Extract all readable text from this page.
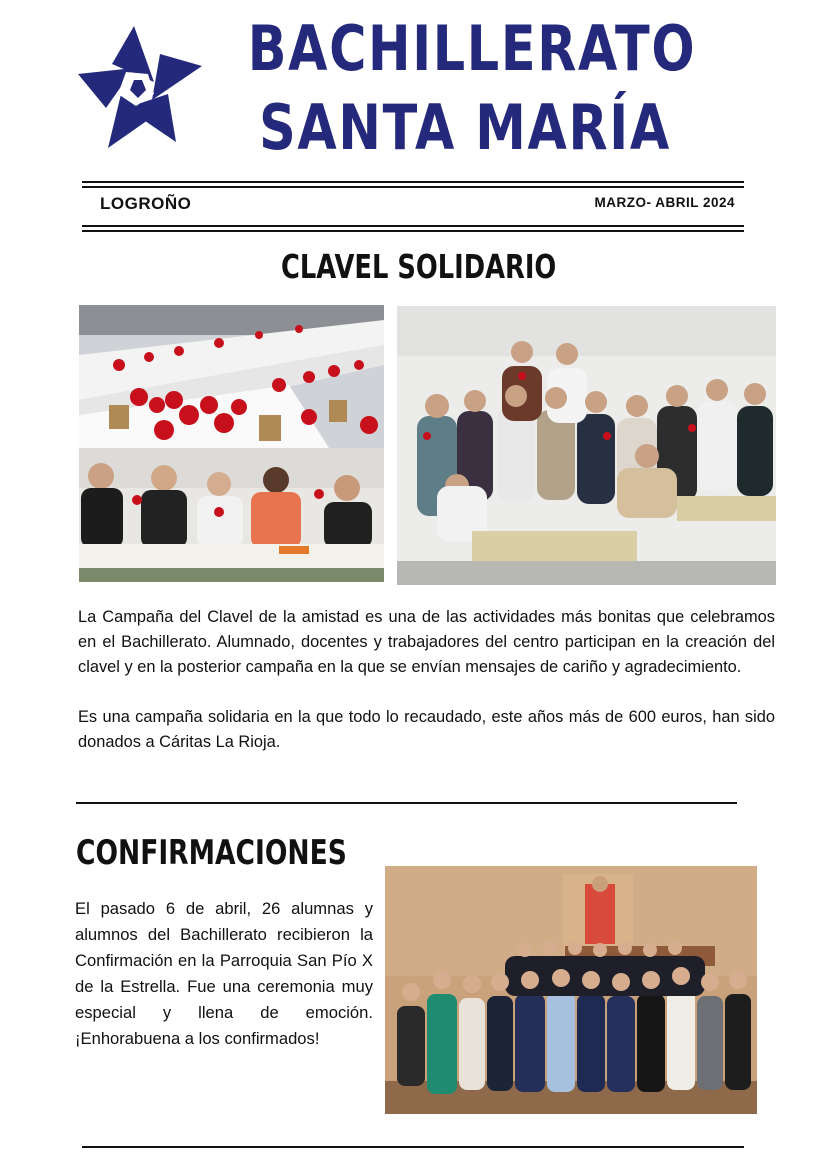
BACHILLERATO
SANTA MARÍA
LOGROÑO	MARZO- ABRIL 2024
CLAVEL SOLIDARIO
La Campaña del Clavel de la amistad es una de las actividades más bonitas que celebramos en el Bachillerato. Alumnado, docentes y trabajadores del centro participan en la creación del clavel y en la posterior campaña en la que se envían mensajes de cariño y agradecimiento.
Es una campaña solidaria en la que todo lo recaudado, este años más de 600 euros, han sido donados a Cáritas La Rioja.
CONFIRMACIONES
El pasado 6 de abril, 26 alumnas y alumnos del Bachillerato recibieron la Confirmación en la Parroquia San Pío X de la Estrella. Fue una ceremonia muy especial y llena de emoción. ¡Enhorabuena a los confirmados!
